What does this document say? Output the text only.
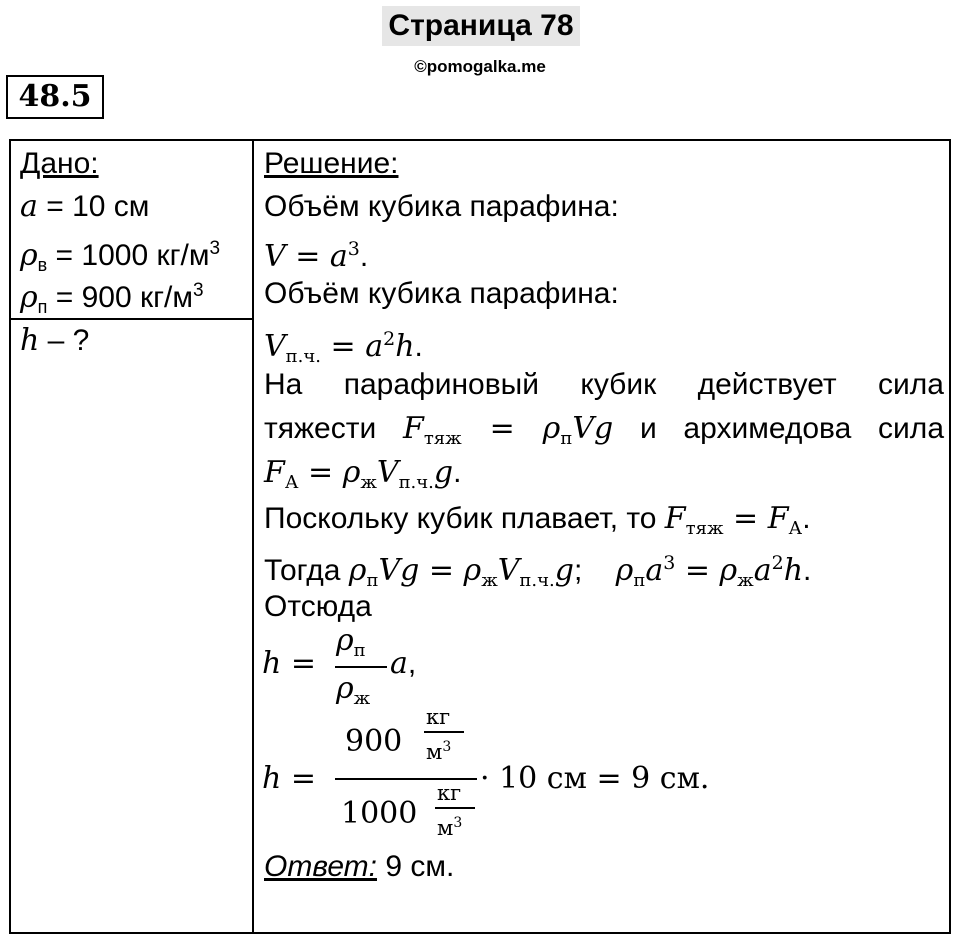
Страница 78
©pomogalka.me
48.5
Дано:
a = 10 см
$\rho_в = 1000$ $кг/м^3$
$\rho_п = 900$ $кг/м^3$
h – ?
Решение:
Объём кубика парафина:
$V = a^3$.
Объём кубика парафина:
$V_{п.ч.} = a^2h$.
На парафиновый кубик действует сила
тяжести $F_{тяж} = \rho_пVg$ и архимедова сила
$F_А = \rho_жV_{п.ч.}g$.
Поскольку кубик плавает, то $F_{тяж} = F_А$.
Тогда $\rho_пVg = \rho_жV_{п.ч.}g$; $\rho_пa^3 = \rho_жa^2h$.
Отсюда
h =
$\rho_п$
$\rho_ж$
a,
h =
900
кг
$м^3$
1000
кг
$м^3$
· 10 см = 9 см.
Ответ: 9 см.
